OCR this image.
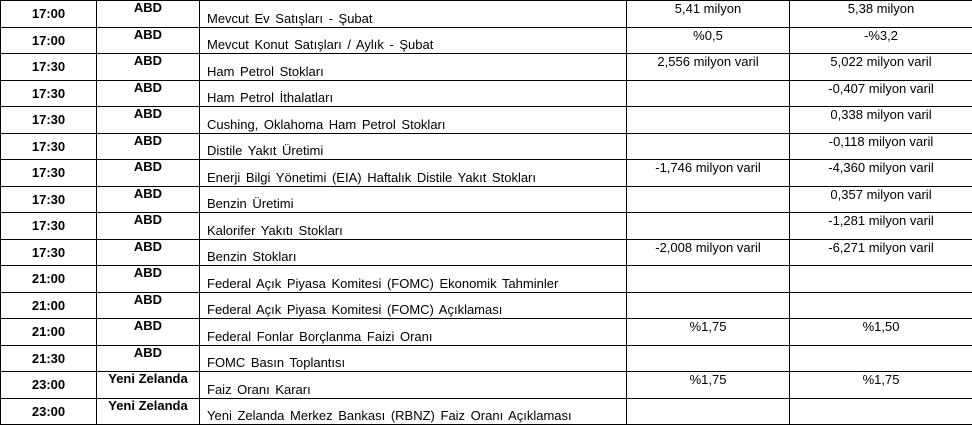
17:00	ABD	Mevcut Ev Satışları - Şubat	5,41 milyon	5,38 milyon
17:00	ABD	Mevcut Konut Satışları / Aylık - Şubat	%0,5	-%3,2
17:30	ABD	Ham Petrol Stokları	2,556 milyon varil	5,022 milyon varil
17:30	ABD	Ham Petrol İthalatları		-0,407 milyon varil
17:30	ABD	Cushing, Oklahoma Ham Petrol Stokları		0,338 milyon varil
17:30	ABD	Distile Yakıt Üretimi		-0,118 milyon varil
17:30	ABD	Enerji Bilgi Yönetimi (EIA) Haftalık Distile Yakıt Stokları	-1,746 milyon varil	-4,360 milyon varil
17:30	ABD	Benzin Üretimi		0,357 milyon varil
17:30	ABD	Kalorifer Yakıtı Stokları		-1,281 milyon varil
17:30	ABD	Benzin Stokları	-2,008 milyon varil	-6,271 milyon varil
21:00	ABD	Federal Açık Piyasa Komitesi (FOMC) Ekonomik Tahminler		
21:00	ABD	Federal Açık Piyasa Komitesi (FOMC) Açıklaması		
21:00	ABD	Federal Fonlar Borçlanma Faizi Oranı	%1,75	%1,50
21:30	ABD	FOMC Basın Toplantısı		
23:00	Yeni Zelanda	Faiz Oranı Kararı	%1,75	%1,75
23:00	Yeni Zelanda	Yeni Zelanda Merkez Bankası (RBNZ) Faiz Oranı Açıklaması		
